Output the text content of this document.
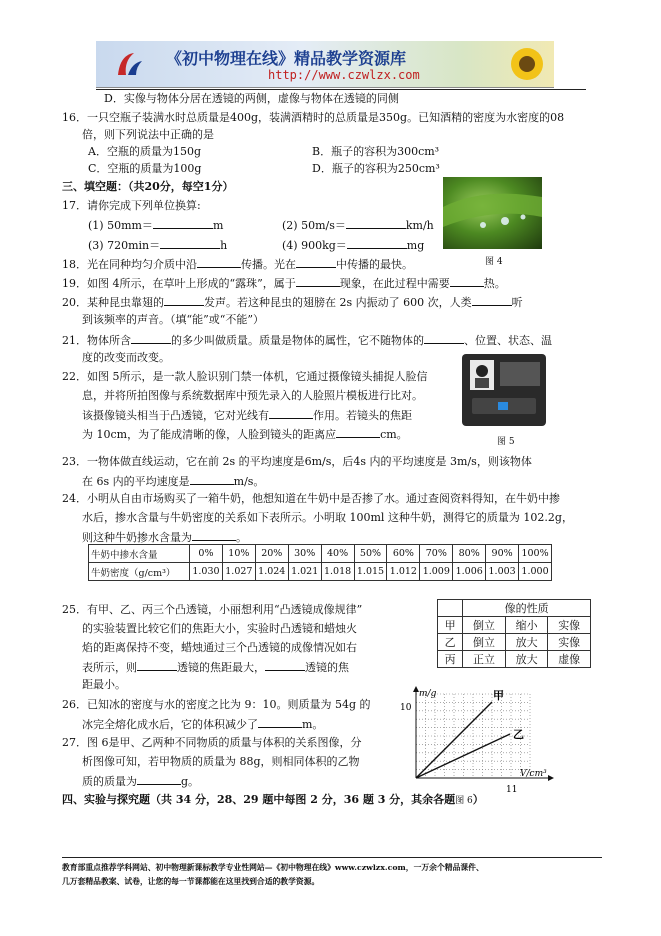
《初中物理在线》精品教学资源库
http://www.czwlzx.com
D．实像与物体分居在透镜的两侧，虚像与物体在透镜的同侧
16．一只空瓶子装满水时总质量是400g，装满酒精时的总质量是350g。已知酒精的密度为水密度的08
倍，则下列说法中正确的是
A．空瓶的质量为150g	B．瓶子的容积为300cm³
C．空瓶的质量为100g	D．瓶子的容积为250cm³
三、填空题：（共20分，每空1分）
图 4
17．请你完成下列单位换算:
(1) 50mm＝	m	(2) 50m/s＝	km/h
(3) 720min＝	h	(4) 900kg＝	mg
18．光在同种均匀介质中沿	传播。光在	中传播的最快。
19．如图 4所示，在草叶上形成的“露珠”，属于	现象，在此过程中需要	热。
20．某种昆虫靠翅的	发声。若这种昆虫的翅膀在 2s 内振动了 600 次，人类	听
到该频率的声音。（填“能”或“不能”）
21．物体所含	的多少叫做质量。质量是物体的属性，它不随物体的	、位置、状态、温
度的改变而改变。
22．如图 5所示，是一款人脸识别门禁一体机，它通过摄像镜头捕捉人脸信
息，并将所拍图像与系统数据库中预先录入的人脸照片模板进行比对。
该摄像镜头相当于凸透镜，它对光线有	作用。若镜头的焦距
为 10cm，为了能成清晰的像，人脸到镜头的距离应	cm。
图 5
23．一物体做直线运动，它在前 2s 的平均速度是6m/s，后4s 内的平均速度是 3m/s，则该物体
在 6s 内的平均速度是	m/s。
24．小明从自由市场购买了一箱牛奶，他想知道在牛奶中是否掺了水。通过查阅资料得知，在牛奶中掺
水后，掺水含量与牛奶密度的关系如下表所示。小明取 100ml 这种牛奶，测得它的质量为 102.2g，
则这种牛奶掺水含量为	。
牛奶中掺水含量	0%	10%	20%	30%	40%	50%	60%	70%	80%	90%	100%
牛奶密度（g/cm³）	1.030	1.027	1.024	1.021	1.018	1.015	1.012	1.009	1.006	1.003	1.000
25．有甲、乙、丙三个凸透镜，小丽想利用“凸透镜成像规律”
的实验装置比较它们的焦距大小，实验时凸透镜和蜡烛火
焰的距离保持不变，蜡烛通过三个凸透镜的成像情况如右
表所示，则	透镜的焦距最大，	透镜的焦
距最小。
	像的性质		
甲	倒立	缩小	实像
乙	倒立	放大	实像
丙	正立	放大	虚像
26．已知冰的密度与水的密度之比为 9：10。则质量为 54g 的
冰完全熔化成水后，它的体积减少了	m。
27．图 6是甲、乙两种不同物质的质量与体积的关系图像，分
析图像可知，若甲物质的质量为 88g，则相同体积的乙物
质的质量为	g。
m/g
10
甲
乙
V/cm³
11
四、实验与探究题（共 34 分，28、29 题中每图 2 分，36 题 3 分，其余各题图 6）
教育部重点推荐学科网站、初中物理新课标教学专业性网站—《初中物理在线》www.czwlzx.com，一万余个精品课件、
几万套精品教案、试卷，让您的每一节课都能在这里找到合适的教学资源。
